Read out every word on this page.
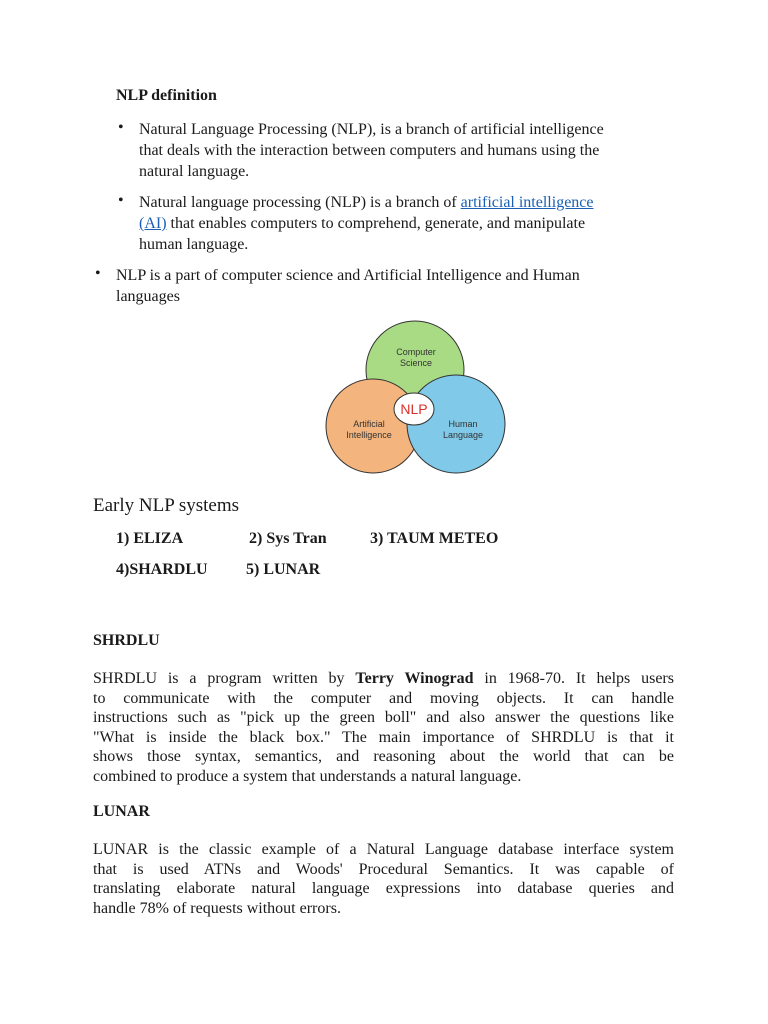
NLP definition
• Natural Language Processing (NLP), is a branch of artificial intelligence
that deals with the interaction between computers and humans using the
natural language.
• Natural language processing (NLP) is a branch of artificial intelligence
(AI) that enables computers to comprehend, generate, and manipulate
human language.
• NLP is a part of computer science and Artificial Intelligence and Human
languages
NLP
Computer
Science
Artificial
Intelligence
Human
Language
Early NLP systems
1) ELIZA	2) Sys Tran	3) TAUM METEO
4)SHARDLU 5) LUNAR
SHRDLU
SHRDLU is a program written by Terry Winograd in 1968-70. It helps users
to communicate with the computer and moving objects. It can handle
instructions such as "pick up the green boll" and also answer the questions like
"What is inside the black box." The main importance of SHRDLU is that it
shows those syntax, semantics, and reasoning about the world that can be
combined to produce a system that understands a natural language.
LUNAR
LUNAR is the classic example of a Natural Language database interface system
that is used ATNs and Woods' Procedural Semantics. It was capable of
translating elaborate natural language expressions into database queries and
handle 78% of requests without errors.
